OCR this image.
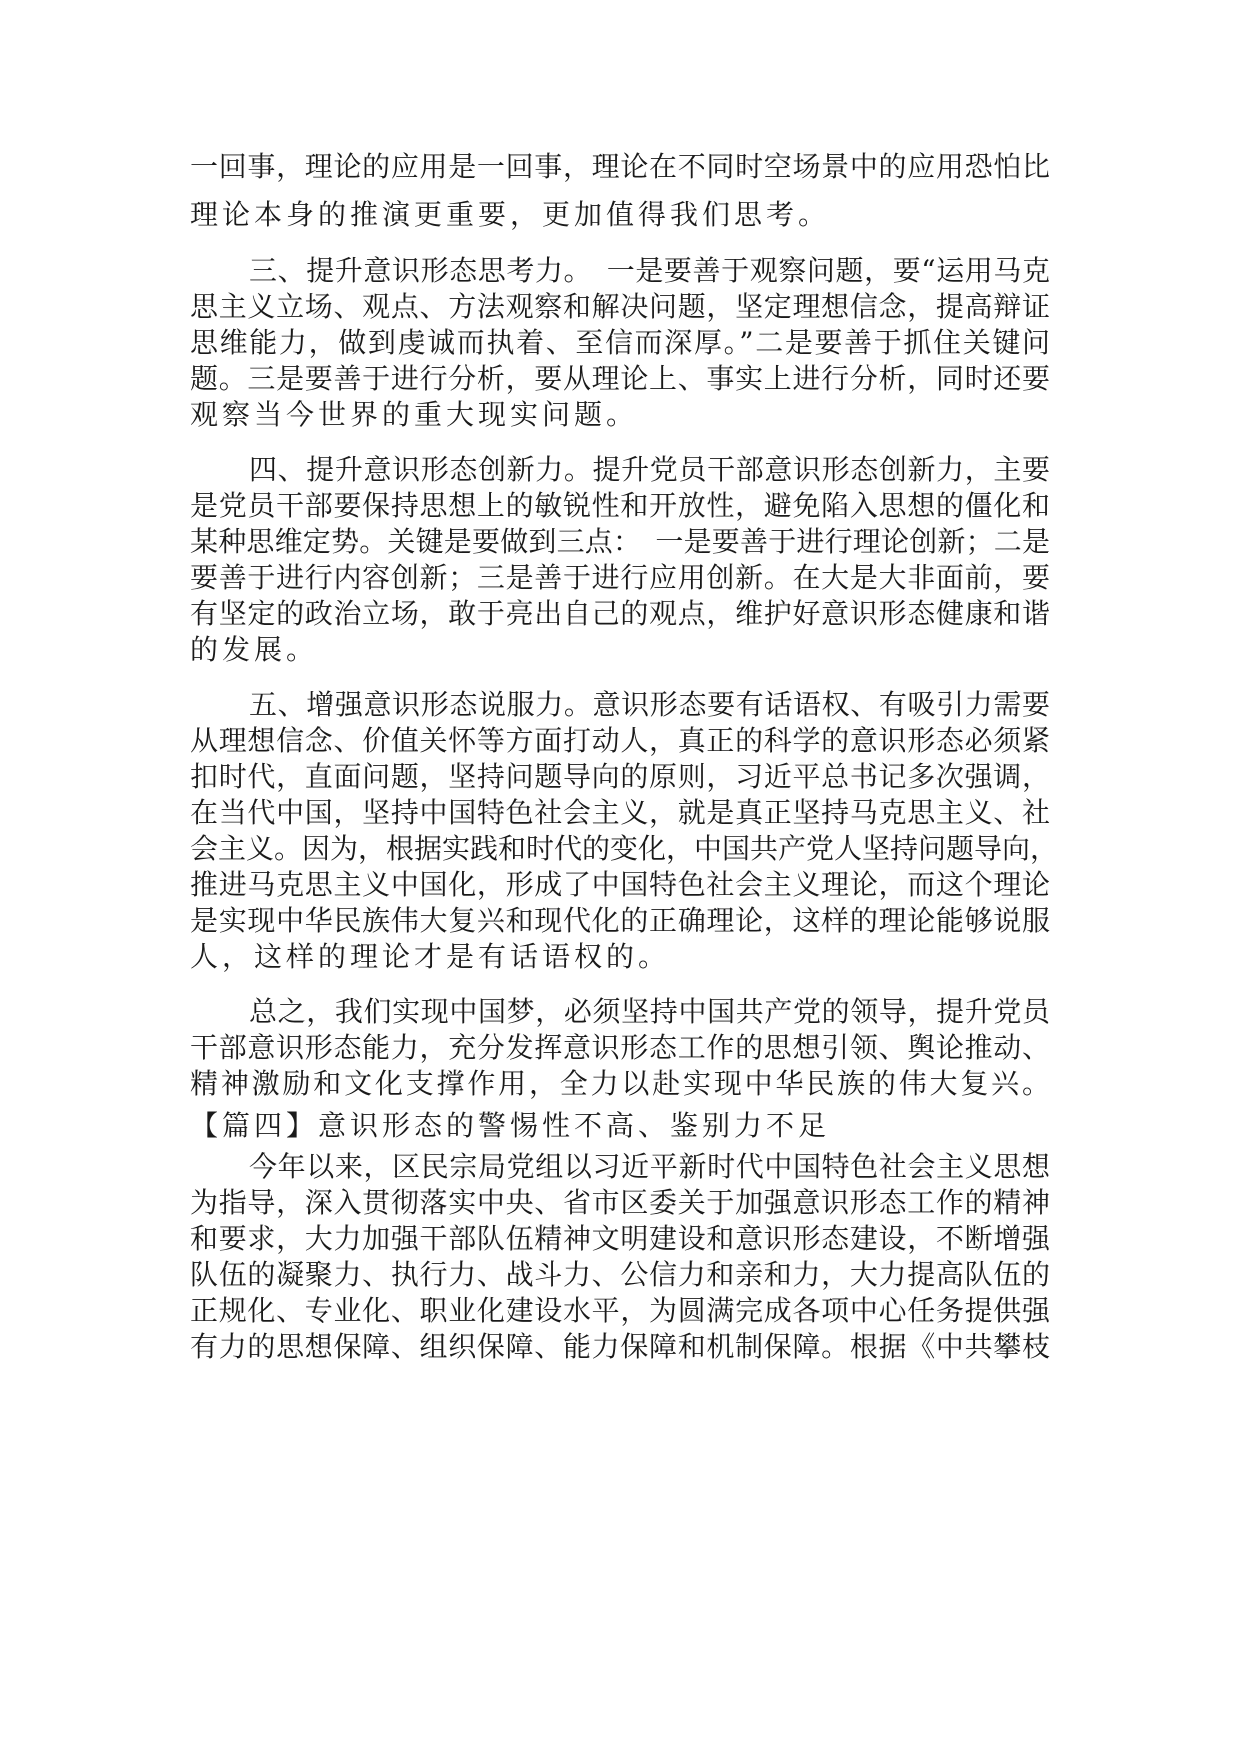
一回事，理论的应用是一回事，理论在不同时空场景中的应用恐怕比
理论本身的推演更重要，更加值得我们思考。
三、提升意识形态思考力。　一是要善于观察问题，要“运用马克
思主义立场、观点、方法观察和解决问题，坚定理想信念，提高辩证
思维能力，做到虔诚而执着、至信而深厚。”二是要善于抓住关键问
题。三是要善于进行分析，要从理论上、事实上进行分析，同时还要
观察当今世界的重大现实问题。
四、提升意识形态创新力。提升党员干部意识形态创新力，主要
是党员干部要保持思想上的敏锐性和开放性，避免陷入思想的僵化和
某种思维定势。关键是要做到三点：　一是要善于进行理论创新；二是
要善于进行内容创新；三是善于进行应用创新。在大是大非面前，要
有坚定的政治立场，敢于亮出自己的观点，维护好意识形态健康和谐
的发展。
五、增强意识形态说服力。意识形态要有话语权、有吸引力需要
从理想信念、价值关怀等方面打动人，真正的科学的意识形态必须紧
扣时代，直面问题，坚持问题导向的原则，习近平总书记多次强调，
在当代中国，坚持中国特色社会主义，就是真正坚持马克思主义、社
会主义。因为，根据实践和时代的变化，中国共产党人坚持问题导向，
推进马克思主义中国化，形成了中国特色社会主义理论，而这个理论
是实现中华民族伟大复兴和现代化的正确理论，这样的理论能够说服
人，这样的理论才是有话语权的。
总之，我们实现中国梦，必须坚持中国共产党的领导，提升党员
干部意识形态能力，充分发挥意识形态工作的思想引领、舆论推动、
精神激励和文化支撑作用，全力以赴实现中华民族的伟大复兴。
【篇四】意识形态的警惕性不高、鉴别力不足
今年以来，区民宗局党组以习近平新时代中国特色社会主义思想
为指导，深入贯彻落实中央、省市区委关于加强意识形态工作的精神
和要求，大力加强干部队伍精神文明建设和意识形态建设，不断增强
队伍的凝聚力、执行力、战斗力、公信力和亲和力，大力提高队伍的
正规化、专业化、职业化建设水平，为圆满完成各项中心任务提供强
有力的思想保障、组织保障、能力保障和机制保障。根据《中共攀枝
